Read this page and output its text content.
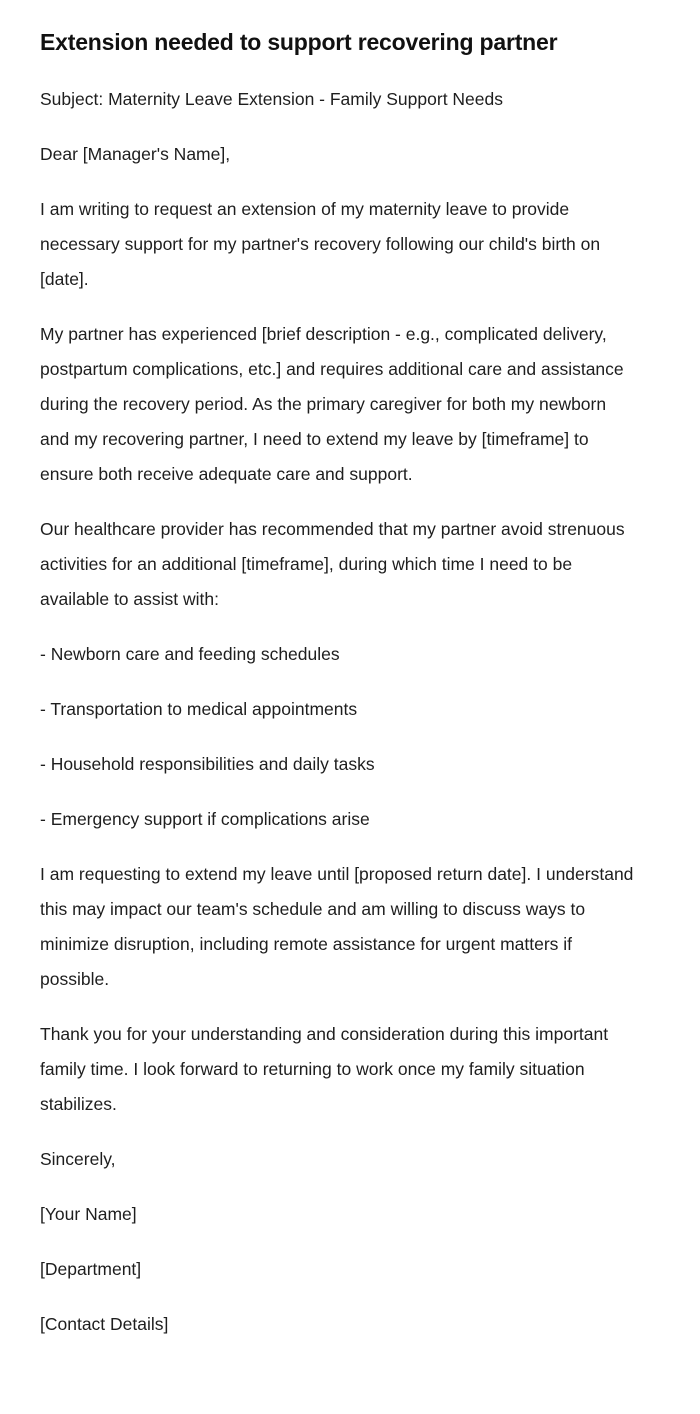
Extension needed to support recovering partner

Subject: Maternity Leave Extension - Family Support Needs

Dear [Manager's Name],

I am writing to request an extension of my maternity leave to provide necessary support for my partner's recovery following our child's birth on [date].

My partner has experienced [brief description - e.g., complicated delivery, postpartum complications, etc.] and requires additional care and assistance during the recovery period. As the primary caregiver for both my newborn and my recovering partner, I need to extend my leave by [timeframe] to ensure both receive adequate care and support.

Our healthcare provider has recommended that my partner avoid strenuous activities for an additional [timeframe], during which time I need to be available to assist with:

- Newborn care and feeding schedules

- Transportation to medical appointments

- Household responsibilities and daily tasks

- Emergency support if complications arise

I am requesting to extend my leave until [proposed return date]. I understand this may impact our team's schedule and am willing to discuss ways to minimize disruption, including remote assistance for urgent matters if possible.

Thank you for your understanding and consideration during this important family time. I look forward to returning to work once my family situation stabilizes.

Sincerely,

[Your Name]

[Department]

[Contact Details]
